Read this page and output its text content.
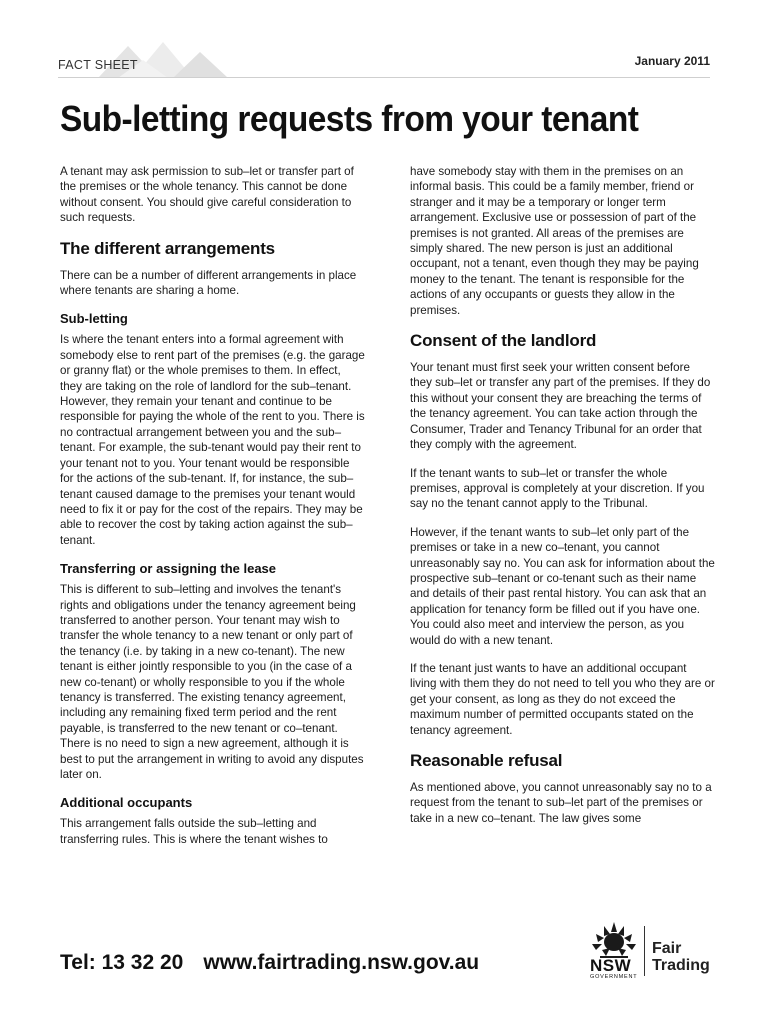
FACT SHEET	January 2011
Sub-letting requests from your tenant

A tenant may ask permission to sub–let or transfer part of the premises or the whole tenancy. This cannot be done without consent. You should give careful consideration to such requests.

The different arrangements

There can be a number of different arrangements in place where tenants are sharing a home.

Sub-letting

Is where the tenant enters into a formal agreement with somebody else to rent part of the premises (e.g. the garage or granny flat) or the whole premises to them. In effect, they are taking on the role of landlord for the sub–tenant. However, they remain your tenant and continue to be responsible for paying the whole of the rent to you. There is no contractual arrangement between you and the sub–tenant. For example, the sub-tenant would pay their rent to your tenant not to you. Your tenant would be responsible for the actions of the sub-tenant. If, for instance, the sub–tenant caused damage to the premises your tenant would need to fix it or pay for the cost of the repairs. They may be able to recover the cost by taking action against the sub–tenant.

Transferring or assigning the lease

This is different to sub–letting and involves the tenant's rights and obligations under the tenancy agreement being transferred to another person. Your tenant may wish to transfer the whole tenancy to a new tenant or only part of the tenancy (i.e. by taking in a new co-tenant). The new tenant is either jointly responsible to you (in the case of a new co-tenant) or wholly responsible to you if the whole tenancy is transferred. The existing tenancy agreement, including any remaining fixed term period and the rent payable, is transferred to the new tenant or co–tenant. There is no need to sign a new agreement, although it is best to put the arrangement in writing to avoid any disputes later on.

Additional occupants

This arrangement falls outside the sub–letting and transferring rules. This is where the tenant wishes to

have somebody stay with them in the premises on an informal basis. This could be a family member, friend or stranger and it may be a temporary or longer term arrangement. Exclusive use or possession of part of the premises is not granted. All areas of the premises are simply shared. The new person is just an additional occupant, not a tenant, even though they may be paying money to the tenant. The tenant is responsible for the actions of any occupants or guests they allow in the premises.

Consent of the landlord

Your tenant must first seek your written consent before they sub–let or transfer any part of the premises. If they do this without your consent they are breaching the terms of the tenancy agreement. You can take action through the Consumer, Trader and Tenancy Tribunal for an order that they comply with the agreement.

If the tenant wants to sub–let or transfer the whole premises, approval is completely at your discretion. If you say no the tenant cannot apply to the Tribunal.

However, if the tenant wants to sub–let only part of the premises or take in a new co–tenant, you cannot unreasonably say no. You can ask for information about the prospective sub–tenant or co-tenant such as their name and details of their past rental history. You can ask that an application for tenancy form be filled out if you have one. You could also meet and interview the person, as you would do with a new tenant.

If the tenant just wants to have an additional occupant living with them they do not need to tell you who they are or get your consent, as long as they do not exceed the maximum number of permitted occupants stated on the tenancy agreement.

Reasonable refusal

As mentioned above, you cannot unreasonably say no to a request from the tenant to sub–let part of the premises or take in a new co–tenant. The law gives some

Tel: 13 32 20 www.fairtrading.nsw.gov.au	NSW
GOVERNMENT
Fair
Trading
